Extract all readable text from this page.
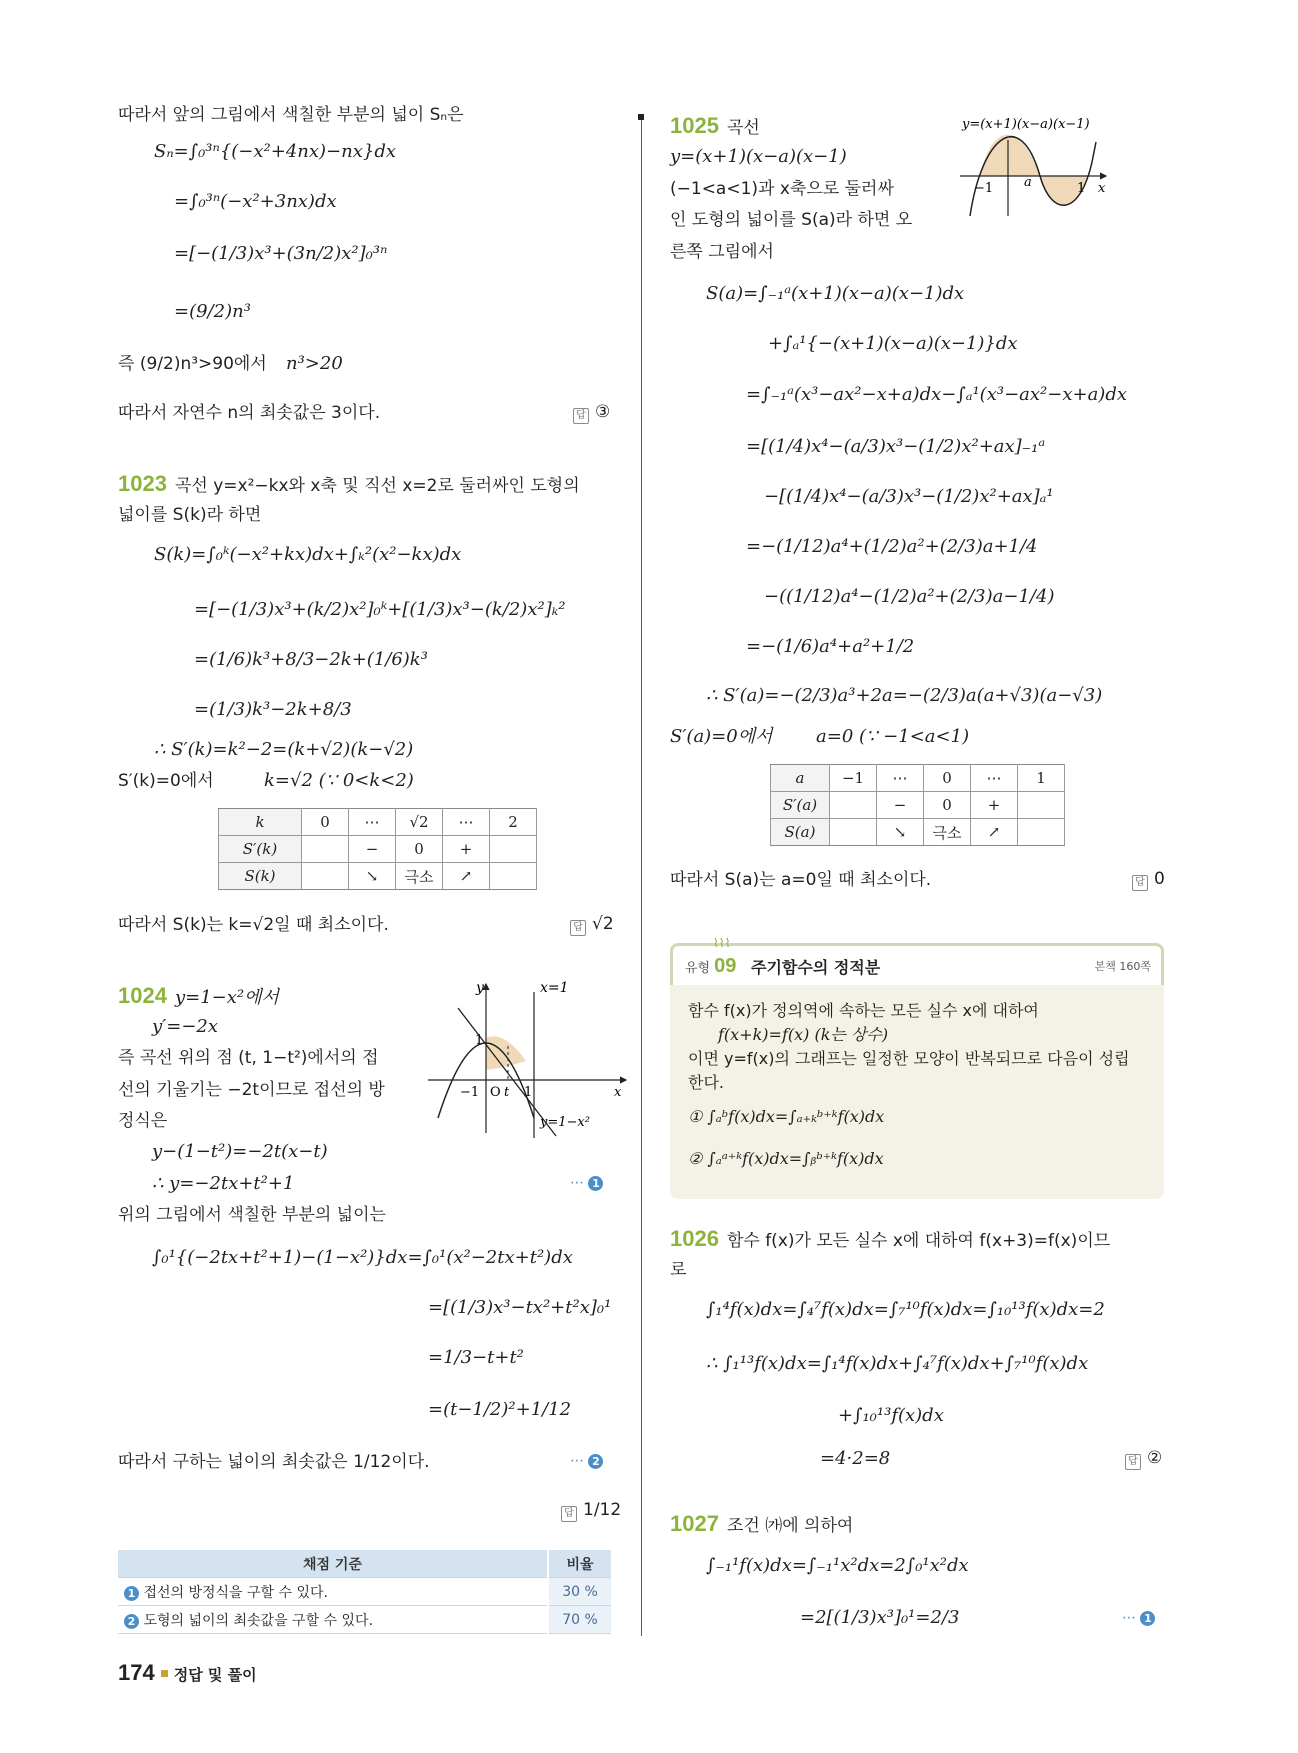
따라서 앞의 그림에서 색칠한 부분의 넓이 Sₙ은
Sₙ=∫₀³ⁿ{(−x²+4nx)−nx}dx
=∫₀³ⁿ(−x²+3nx)dx
=[−(1/3)x³+(3n/2)x²]₀³ⁿ
=(9/2)n³
즉 (9/2)n³>90에서 n³>20
따라서 자연수 n의 최솟값은 3이다.	답 ③
1023 곡선 y=x²−kx와 x축 및 직선 x=2로 둘러싸인 도형의
넓이를 S(k)라 하면
S(k)=∫₀ᵏ(−x²+kx)dx+∫ₖ²(x²−kx)dx
=[−(1/3)x³+(k/2)x²]₀ᵏ+[(1/3)x³−(k/2)x²]ₖ²
=(1/6)k³+8/3−2k+(1/6)k³
=(1/3)k³−2k+8/3
∴ S′(k)=k²−2=(k+√2)(k−√2)
S′(k)=0에서	k=√2 (∵ 0<k<2)
k	0	⋯	√2	⋯	2
S′(k)		−	0	+	
S(k)		↘	극소	↗	
따라서 S(k)는 k=√2일 때 최소이다.	답 √2
1024 y=1−x²에서
y′=−2x
즉 곡선 위의 점 (t, 1−t²)에서의 접
선의 기울기는 −2t이므로 접선의 방
정식은
y−(1−t²)=−2t(x−t)
∴ y=−2tx+t²+1	⋯ 1
위의 그림에서 색칠한 부분의 넓이는
∫₀¹{(−2tx+t²+1)−(1−x²)}dx=∫₀¹(x²−2tx+t²)dx
=[(1/3)x³−tx²+t²x]₀¹
=1/3−t+t²
=(t−1/2)²+1/12
따라서 구하는 넓이의 최솟값은 1/12이다.	⋯ 2
답 1/12
y	x=1
1
−1 O t 1	x
y=1−x²
채점 기준	비율
1 접선의 방정식을 구할 수 있다.	30 %
2 도형의 넓이의 최솟값을 구할 수 있다.	70 %
174 정답 및 풀이
1025 곡선
y=(x+1)(x−a)(x−1)
(−1<a<1)과 x축으로 둘러싸
인 도형의 넓이를 S(a)라 하면 오
른쪽 그림에서
y=(x+1)(x−a)(x−1)
−1 a	1 x
S(a)=∫₋₁ᵃ(x+1)(x−a)(x−1)dx
+∫ₐ¹{−(x+1)(x−a)(x−1)}dx
=∫₋₁ᵃ(x³−ax²−x+a)dx−∫ₐ¹(x³−ax²−x+a)dx
=[(1/4)x⁴−(a/3)x³−(1/2)x²+ax]₋₁ᵃ
−[(1/4)x⁴−(a/3)x³−(1/2)x²+ax]ₐ¹
=−(1/12)a⁴+(1/2)a²+(2/3)a+1/4
−((1/12)a⁴−(1/2)a²+(2/3)a−1/4)
=−(1/6)a⁴+a²+1/2
∴ S′(a)=−(2/3)a³+2a=−(2/3)a(a+√3)(a−√3)
S′(a)=0에서 a=0 (∵ −1<a<1)
a	−1	⋯	0	⋯	1
S′(a)		−	0	+	
S(a)		↘	극소	↗	
따라서 S(a)는 a=0일 때 최소이다.	답 0
⌇⌇⌇
유형 09 주기함수의 정적분	본책 160쪽
함수 f(x)가 정의역에 속하는 모든 실수 x에 대하여
f(x+k)=f(x) (k는 상수)
이면 y=f(x)의 그래프는 일정한 모양이 반복되므로 다음이 성립
한다.
① ∫ₐᵇf(x)dx=∫ₐ₊ₖᵇ⁺ᵏf(x)dx
② ∫ₐᵃ⁺ᵏf(x)dx=∫ᵦᵇ⁺ᵏf(x)dx
1026 함수 f(x)가 모든 실수 x에 대하여 f(x+3)=f(x)이므
로
∫₁⁴f(x)dx=∫₄⁷f(x)dx=∫₇¹⁰f(x)dx=∫₁₀¹³f(x)dx=2
∴ ∫₁¹³f(x)dx=∫₁⁴f(x)dx+∫₄⁷f(x)dx+∫₇¹⁰f(x)dx
+∫₁₀¹³f(x)dx
=4·2=8	답 ②
1027 조건 ㈎에 의하여
∫₋₁¹f(x)dx=∫₋₁¹x²dx=2∫₀¹x²dx
=2[(1/3)x³]₀¹=2/3	⋯ 1
